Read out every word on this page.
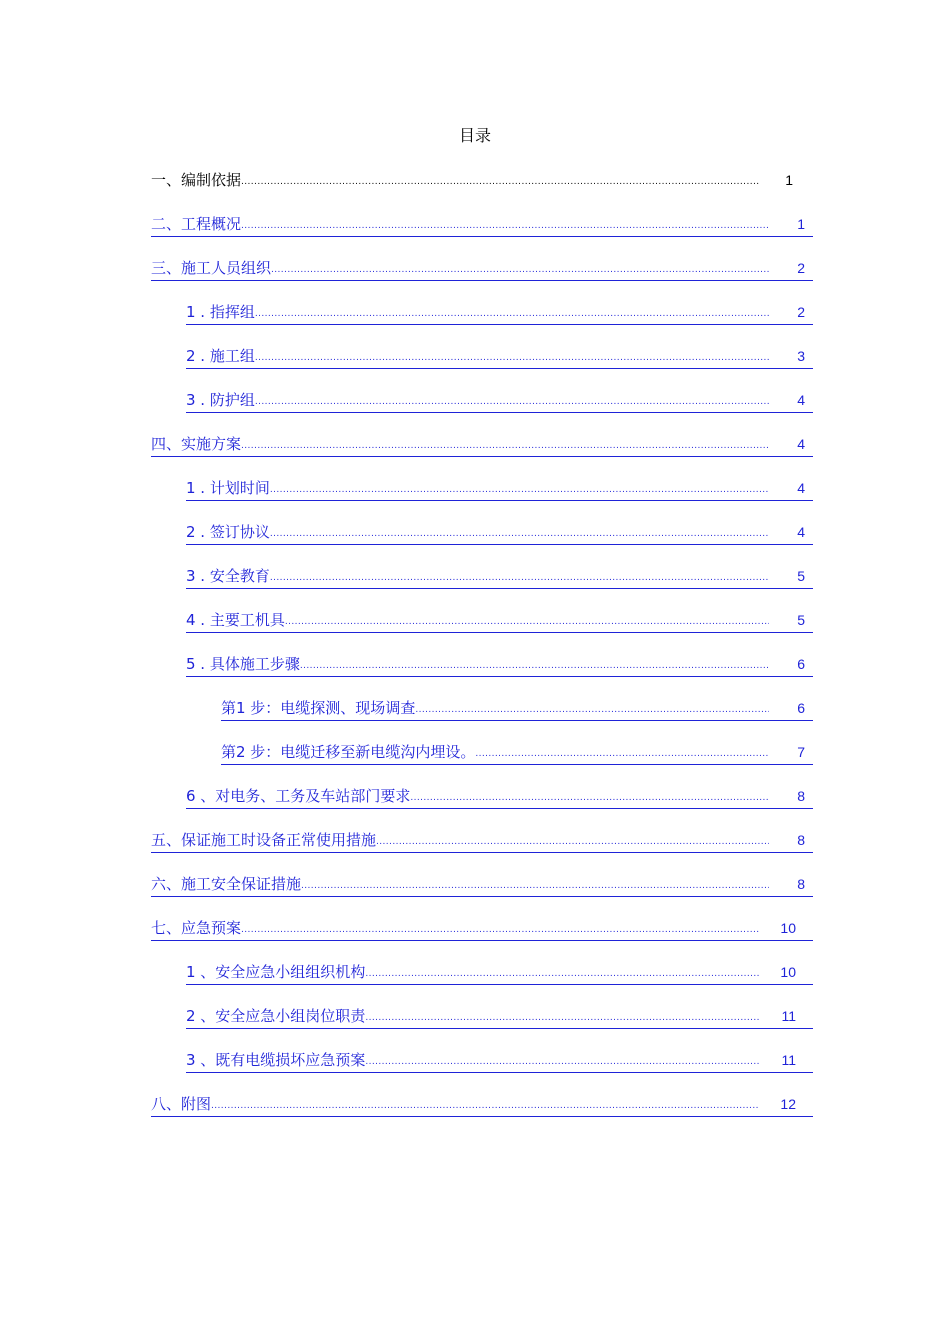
目录
一、编制依据 .....	1
二、工程概况 .....	1
三、施工人员组织 .....	2
1 . 指挥组 .....	2
2 . 施工组 .....	3
3 . 防护组 .....	4
四、实施方案 .....	4
1 . 计划时间 .....	4
2 . 签订协议 .....	4
3 . 安全教育 .....	5
4 . 主要工机具 .....	5
5 . 具体施工步骤 .....	6
第1 步：电缆探测、现场调查 .....	6
第2 步：电缆迁移至新电缆沟内埋设。 .....	7
6 、对电务、工务及车站部门要求 .....	8
五、保证施工时设备正常使用措施 .....	8
六、施工安全保证措施 .....	8
七、应急预案 .....	10
1 、安全应急小组组织机构 .....	10
2 、安全应急小组岗位职责 .....	11
3 、既有电缆损坏应急预案 .....	11
八、附图 .....	12
